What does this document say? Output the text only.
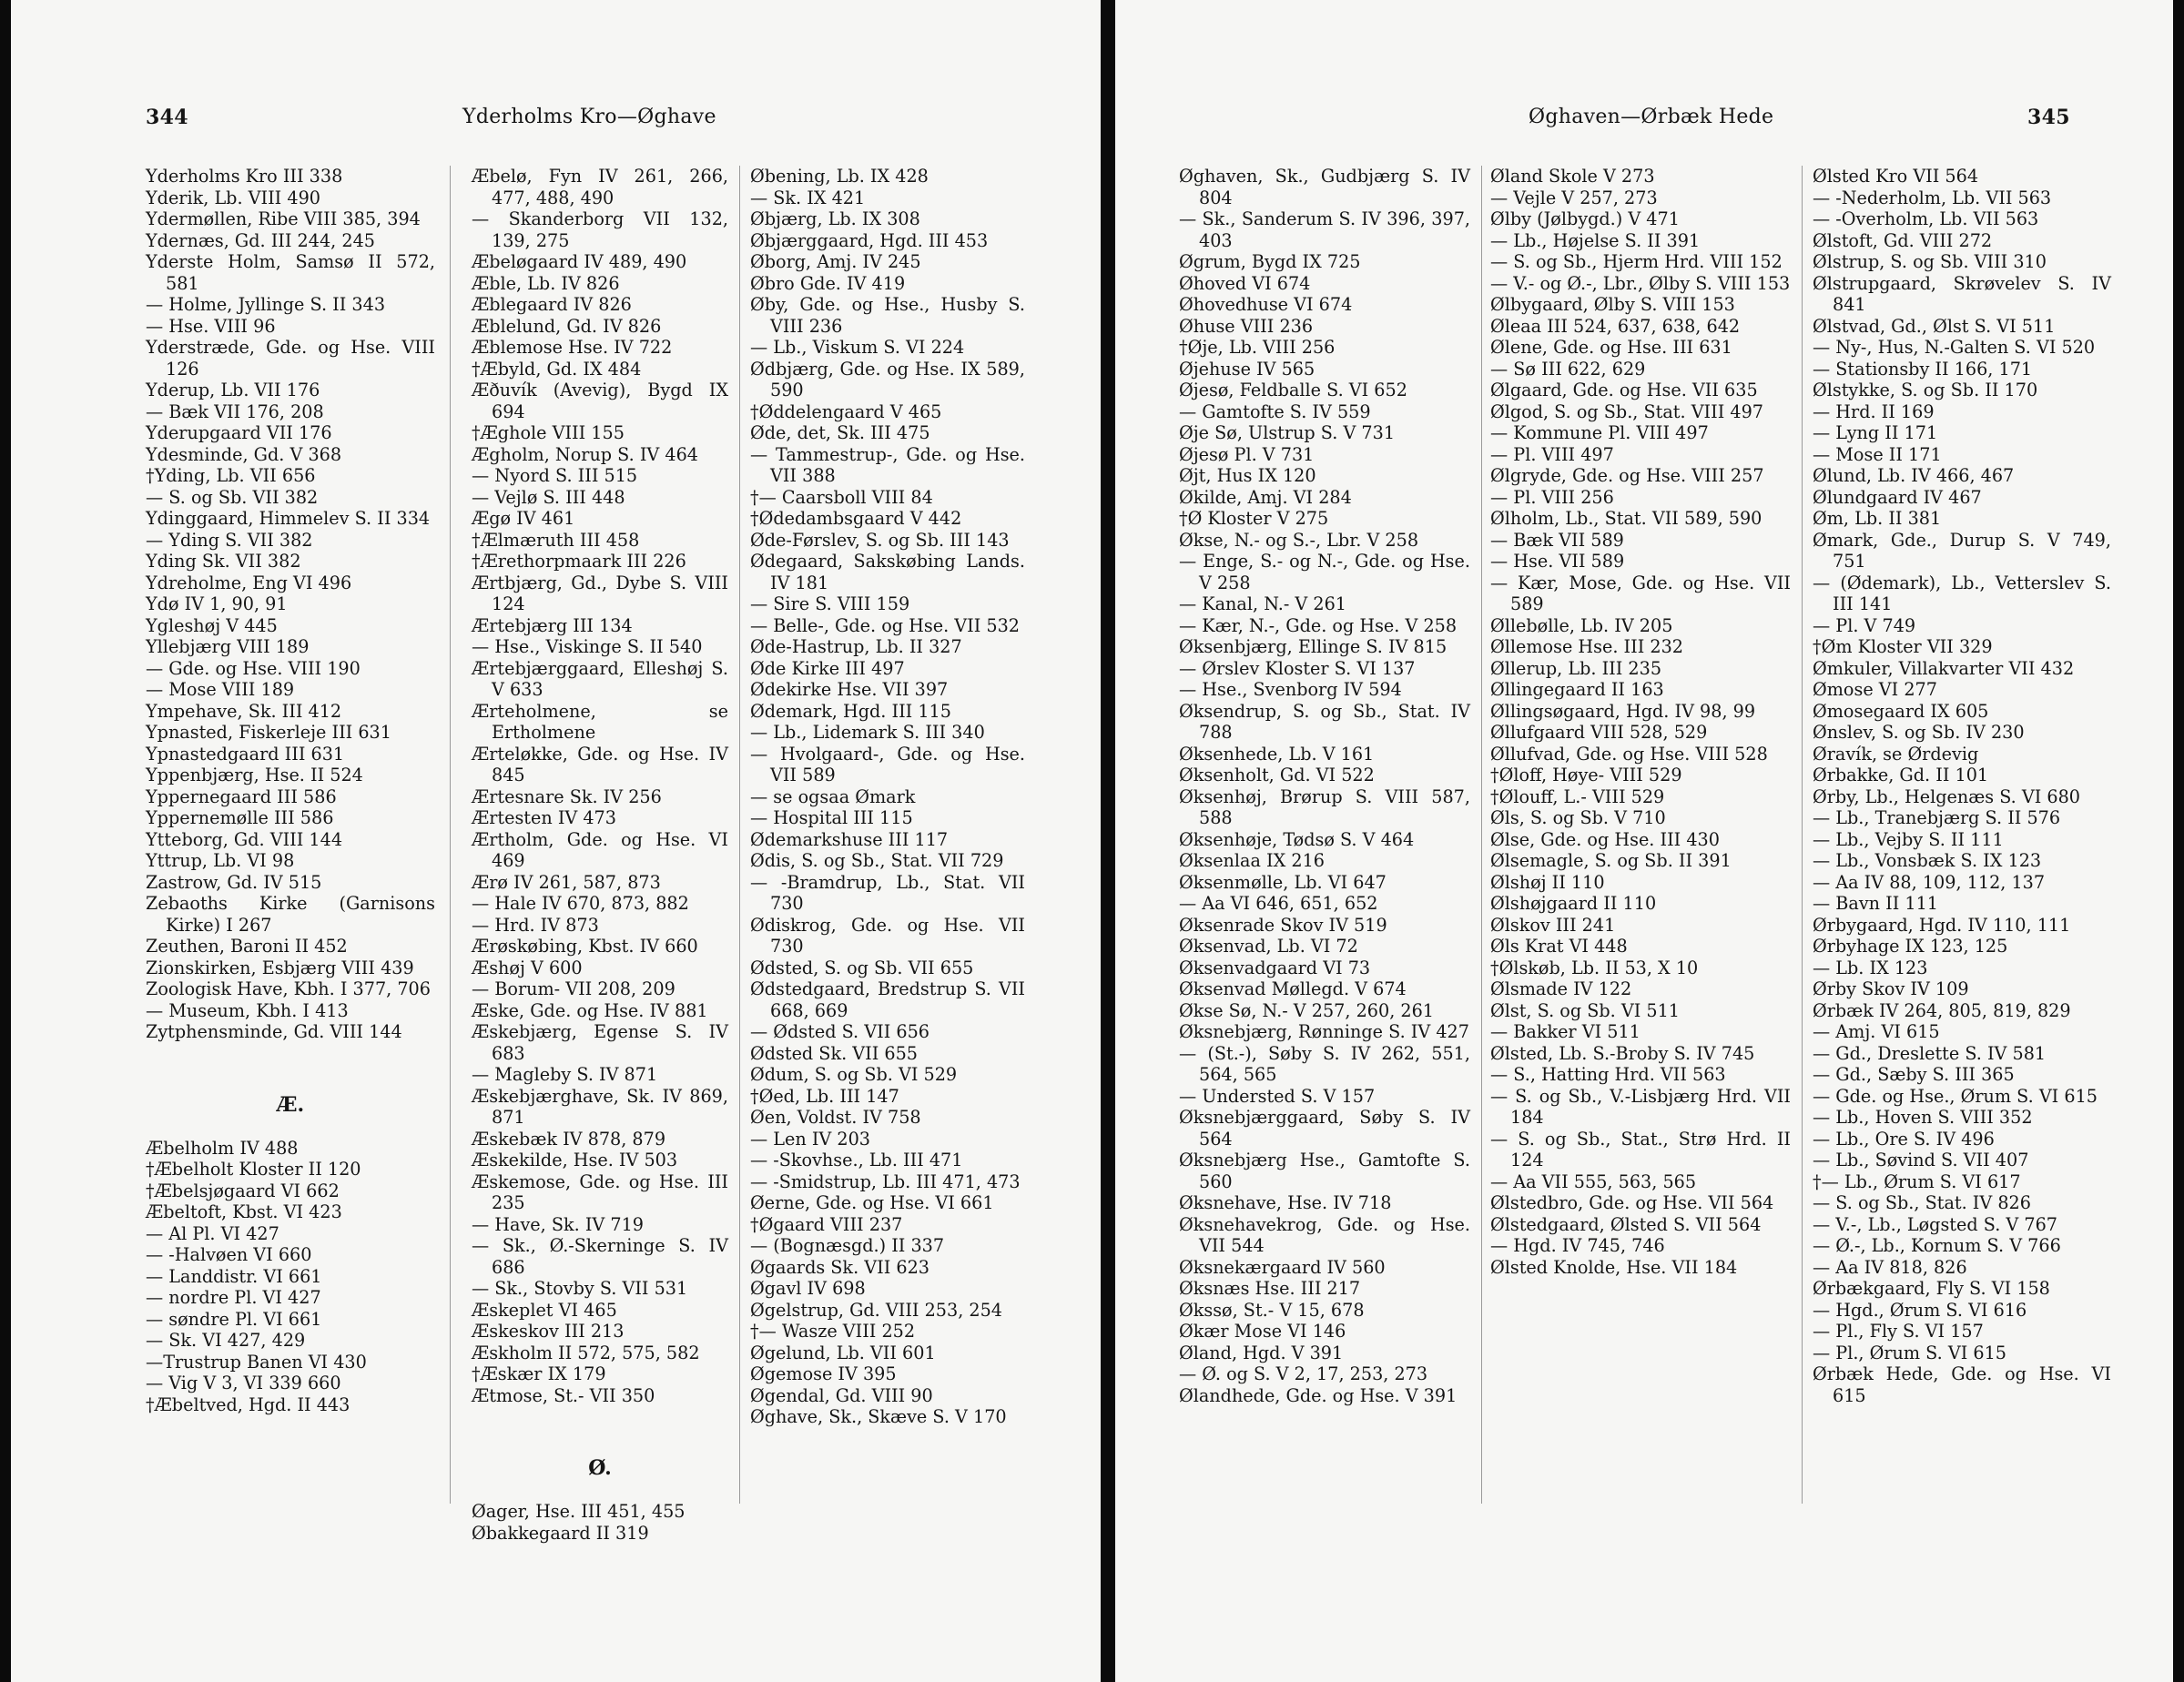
344	Yderholms Kro—Øghave
Yderholms Kro III 338
Yderik, Lb. VIII 490
Ydermøllen, Ribe VIII 385, 394
Ydernæs, Gd. III 244, 245
Yderste Holm, Samsø II 572, 581
— Holme, Jyllinge S. II 343
— Hse. VIII 96
Yderstræde, Gde. og Hse. VIII 126
Yderup, Lb. VII 176
— Bæk VII 176, 208
Yderupgaard VII 176
Ydesminde, Gd. V 368
†Yding, Lb. VII 656
— S. og Sb. VII 382
Ydinggaard, Himmelev S. II 334
— Yding S. VII 382
Yding Sk. VII 382
Ydreholme, Eng VI 496
Ydø IV 1, 90, 91
Ygleshøj V 445
Yllebjærg VIII 189
— Gde. og Hse. VIII 190
— Mose VIII 189
Ympehave, Sk. III 412
Ypnasted, Fiskerleje III 631
Ypnastedgaard III 631
Yppenbjærg, Hse. II 524
Yppernegaard III 586
Yppernemølle III 586
Ytteborg, Gd. VIII 144
Yttrup, Lb. VI 98
Zastrow, Gd. IV 515
Zebaoths Kirke (Garnisons Kirke) I 267
Zeuthen, Baroni II 452
Zionskirken, Esbjærg VIII 439
Zoologisk Have, Kbh. I 377, 706
— Museum, Kbh. I 413
Zytphensminde, Gd. VIII 144
Æ.
Æbelholm IV 488
†Æbelholt Kloster II 120
†Æbelsjøgaard VI 662
Æbeltoft, Kbst. VI 423
— Al Pl. VI 427
— -Halvøen VI 660
— Landdistr. VI 661
— nordre Pl. VI 427
— søndre Pl. VI 661
— Sk. VI 427, 429
—Trustrup Banen VI 430
— Vig V 3, VI 339 660
†Æbeltved, Hgd. II 443
Æbelø, Fyn IV 261, 266, 477, 488, 490
— Skanderborg VII 132, 139, 275
Æbeløgaard IV 489, 490
Æble, Lb. IV 826
Æblegaard IV 826
Æblelund, Gd. IV 826
Æblemose Hse. IV 722
†Æbyld, Gd. IX 484
Æðuvík (Avevig), Bygd IX 694
†Æghole VIII 155
Ægholm, Norup S. IV 464
— Nyord S. III 515
— Vejlø S. III 448
Ægø IV 461
†Ælmæruth III 458
†Ærethorpmaark III 226
Ærtbjærg, Gd., Dybe S. VIII 124
Ærtebjærg III 134
— Hse., Viskinge S. II 540
Ærtebjærggaard, Elleshøj S. V 633
Ærteholmene, se Ertholmene
Ærteløkke, Gde. og Hse. IV 845
Ærtesnare Sk. IV 256
Ærtesten IV 473
Ærtholm, Gde. og Hse. VI 469
Ærø IV 261, 587, 873
— Hale IV 670, 873, 882
— Hrd. IV 873
Ærøskøbing, Kbst. IV 660
Æshøj V 600
— Borum- VII 208, 209
Æske, Gde. og Hse. IV 881
Æskebjærg, Egense S. IV 683
— Magleby S. IV 871
Æskebjærghave, Sk. IV 869, 871
Æskebæk IV 878, 879
Æskekilde, Hse. IV 503
Æskemose, Gde. og Hse. III 235
— Have, Sk. IV 719
— Sk., Ø.-Skerninge S. IV 686
— Sk., Stovby S. VII 531
Æskeplet VI 465
Æskeskov III 213
Æskholm II 572, 575, 582
†Æskær IX 179
Ætmose, St.- VII 350
Ø.
Øager, Hse. III 451, 455
Øbakkegaard II 319
Øbening, Lb. IX 428
— Sk. IX 421
Øbjærg, Lb. IX 308
Øbjærggaard, Hgd. III 453
Øborg, Amj. IV 245
Øbro Gde. IV 419
Øby, Gde. og Hse., Husby S. VIII 236
— Lb., Viskum S. VI 224
Ødbjærg, Gde. og Hse. IX 589, 590
†Øddelengaard V 465
Øde, det, Sk. III 475
— Tammestrup-, Gde. og Hse. VII 388
†— Caarsboll VIII 84
†Ødedambsgaard V 442
Øde-Førslev, S. og Sb. III 143
Ødegaard, Sakskøbing Lands. IV 181
— Sire S. VIII 159
— Belle-, Gde. og Hse. VII 532
Øde-Hastrup, Lb. II 327
Øde Kirke III 497
Ødekirke Hse. VII 397
Ødemark, Hgd. III 115
— Lb., Lidemark S. III 340
— Hvolgaard-, Gde. og Hse. VII 589
— se ogsaa Ømark
— Hospital III 115
Ødemarkshuse III 117
Ødis, S. og Sb., Stat. VII 729
— -Bramdrup, Lb., Stat. VII 730
Ødiskrog, Gde. og Hse. VII 730
Ødsted, S. og Sb. VII 655
Ødstedgaard, Bredstrup S. VII 668, 669
— Ødsted S. VII 656
Ødsted Sk. VII 655
Ødum, S. og Sb. VI 529
†Øed, Lb. III 147
Øen, Voldst. IV 758
— Len IV 203
— -Skovhse., Lb. III 471
— -Smidstrup, Lb. III 471, 473
Øerne, Gde. og Hse. VI 661
†Øgaard VIII 237
— (Bognæsgd.) II 337
Øgaards Sk. VII 623
Øgavl IV 698
Øgelstrup, Gd. VIII 253, 254
†— Wasze VIII 252
Øgelund, Lb. VII 601
Øgemose IV 395
Øgendal, Gd. VIII 90
Øghave, Sk., Skæve S. V 170
Øghaven—Ørbæk Hede	345
Øghaven, Sk., Gudbjærg S. IV 804
— Sk., Sanderum S. IV 396, 397, 403
Øgrum, Bygd IX 725
Øhoved VI 674
Øhovedhuse VI 674
Øhuse VIII 236
†Øje, Lb. VIII 256
Øjehuse IV 565
Øjesø, Feldballe S. VI 652
— Gamtofte S. IV 559
Øje Sø, Ulstrup S. V 731
Øjesø Pl. V 731
Øjt, Hus IX 120
Økilde, Amj. VI 284
†Ø Kloster V 275
Økse, N.- og S.-, Lbr. V 258
— Enge, S.- og N.-, Gde. og Hse. V 258
— Kanal, N.- V 261
— Kær, N.-, Gde. og Hse. V 258
Øksenbjærg, Ellinge S. IV 815
— Ørslev Kloster S. VI 137
— Hse., Svenborg IV 594
Øksendrup, S. og Sb., Stat. IV 788
Øksenhede, Lb. V 161
Øksenholt, Gd. VI 522
Øksenhøj, Brørup S. VIII 587, 588
Øksenhøje, Tødsø S. V 464
Øksenlaa IX 216
Øksenmølle, Lb. VI 647
— Aa VI 646, 651, 652
Øksenrade Skov IV 519
Øksenvad, Lb. VI 72
Øksenvadgaard VI 73
Øksenvad Møllegd. V 674
Økse Sø, N.- V 257, 260, 261
Øksnebjærg, Rønninge S. IV 427
— (St.-), Søby S. IV 262, 551, 564, 565
— Understed S. V 157
Øksnebjærggaard, Søby S. IV 564
Øksnebjærg Hse., Gamtofte S. 560
Øksnehave, Hse. IV 718
Øksnehavekrog, Gde. og Hse. VII 544
Øksnekærgaard IV 560
Øksnæs Hse. III 217
Økssø, St.- V 15, 678
Økær Mose VI 146
Øland, Hgd. V 391
— Ø. og S. V 2, 17, 253, 273
Ølandhede, Gde. og Hse. V 391
Øland Skole V 273
— Vejle V 257, 273
Ølby (Jølbygd.) V 471
— Lb., Højelse S. II 391
— S. og Sb., Hjerm Hrd. VIII 152
— V.- og Ø.-, Lbr., Ølby S. VIII 153
Ølbygaard, Ølby S. VIII 153
Øleaa III 524, 637, 638, 642
Ølene, Gde. og Hse. III 631
— Sø III 622, 629
Ølgaard, Gde. og Hse. VII 635
Ølgod, S. og Sb., Stat. VIII 497
— Kommune Pl. VIII 497
— Pl. VIII 497
Ølgryde, Gde. og Hse. VIII 257
— Pl. VIII 256
Ølholm, Lb., Stat. VII 589, 590
— Bæk VII 589
— Hse. VII 589
— Kær, Mose, Gde. og Hse. VII 589
Øllebølle, Lb. IV 205
Øllemose Hse. III 232
Øllerup, Lb. III 235
Øllingegaard II 163
Øllingsøgaard, Hgd. IV 98, 99
Øllufgaard VIII 528, 529
Øllufvad, Gde. og Hse. VIII 528
†Øloff, Høye- VIII 529
†Ølouff, L.- VIII 529
Øls, S. og Sb. V 710
Ølse, Gde. og Hse. III 430
Ølsemagle, S. og Sb. II 391
Ølshøj II 110
Ølshøjgaard II 110
Ølskov III 241
Øls Krat VI 448
†Ølskøb, Lb. II 53, X 10
Ølsmade IV 122
Ølst, S. og Sb. VI 511
— Bakker VI 511
Ølsted, Lb. S.-Broby S. IV 745
— S., Hatting Hrd. VII 563
— S. og Sb., V.-Lisbjærg Hrd. VII 184
— S. og Sb., Stat., Strø Hrd. II 124
— Aa VII 555, 563, 565
Ølstedbro, Gde. og Hse. VII 564
Ølstedgaard, Ølsted S. VII 564
— Hgd. IV 745, 746
Ølsted Knolde, Hse. VII 184
Ølsted Kro VII 564
— -Nederholm, Lb. VII 563
— -Overholm, Lb. VII 563
Ølstoft, Gd. VIII 272
Ølstrup, S. og Sb. VIII 310
Ølstrupgaard, Skrøvelev S. IV 841
Ølstvad, Gd., Ølst S. VI 511
— Ny-, Hus, N.-Galten S. VI 520
— Stationsby II 166, 171
Ølstykke, S. og Sb. II 170
— Hrd. II 169
— Lyng II 171
— Mose II 171
Ølund, Lb. IV 466, 467
Ølundgaard IV 467
Øm, Lb. II 381
Ømark, Gde., Durup S. V 749, 751
— (Ødemark), Lb., Vetterslev S. III 141
— Pl. V 749
†Øm Kloster VII 329
Ømkuler, Villakvarter VII 432
Ømose VI 277
Ømosegaard IX 605
Ønslev, S. og Sb. IV 230
Øravík, se Ørdevig
Ørbakke, Gd. II 101
Ørby, Lb., Helgenæs S. VI 680
— Lb., Tranebjærg S. II 576
— Lb., Vejby S. II 111
— Lb., Vonsbæk S. IX 123
— Aa IV 88, 109, 112, 137
— Bavn II 111
Ørbygaard, Hgd. IV 110, 111
Ørbyhage IX 123, 125
— Lb. IX 123
Ørby Skov IV 109
Ørbæk IV 264, 805, 819, 829
— Amj. VI 615
— Gd., Dreslette S. IV 581
— Gd., Sæby S. III 365
— Gde. og Hse., Ørum S. VI 615
— Lb., Hoven S. VIII 352
— Lb., Ore S. IV 496
— Lb., Søvind S. VII 407
†— Lb., Ørum S. VI 617
— S. og Sb., Stat. IV 826
— V.-, Lb., Løgsted S. V 767
— Ø.-, Lb., Kornum S. V 766
— Aa IV 818, 826
Ørbækgaard, Fly S. VI 158
— Hgd., Ørum S. VI 616
— Pl., Fly S. VI 157
— Pl., Ørum S. VI 615
Ørbæk Hede, Gde. og Hse. VI 615
